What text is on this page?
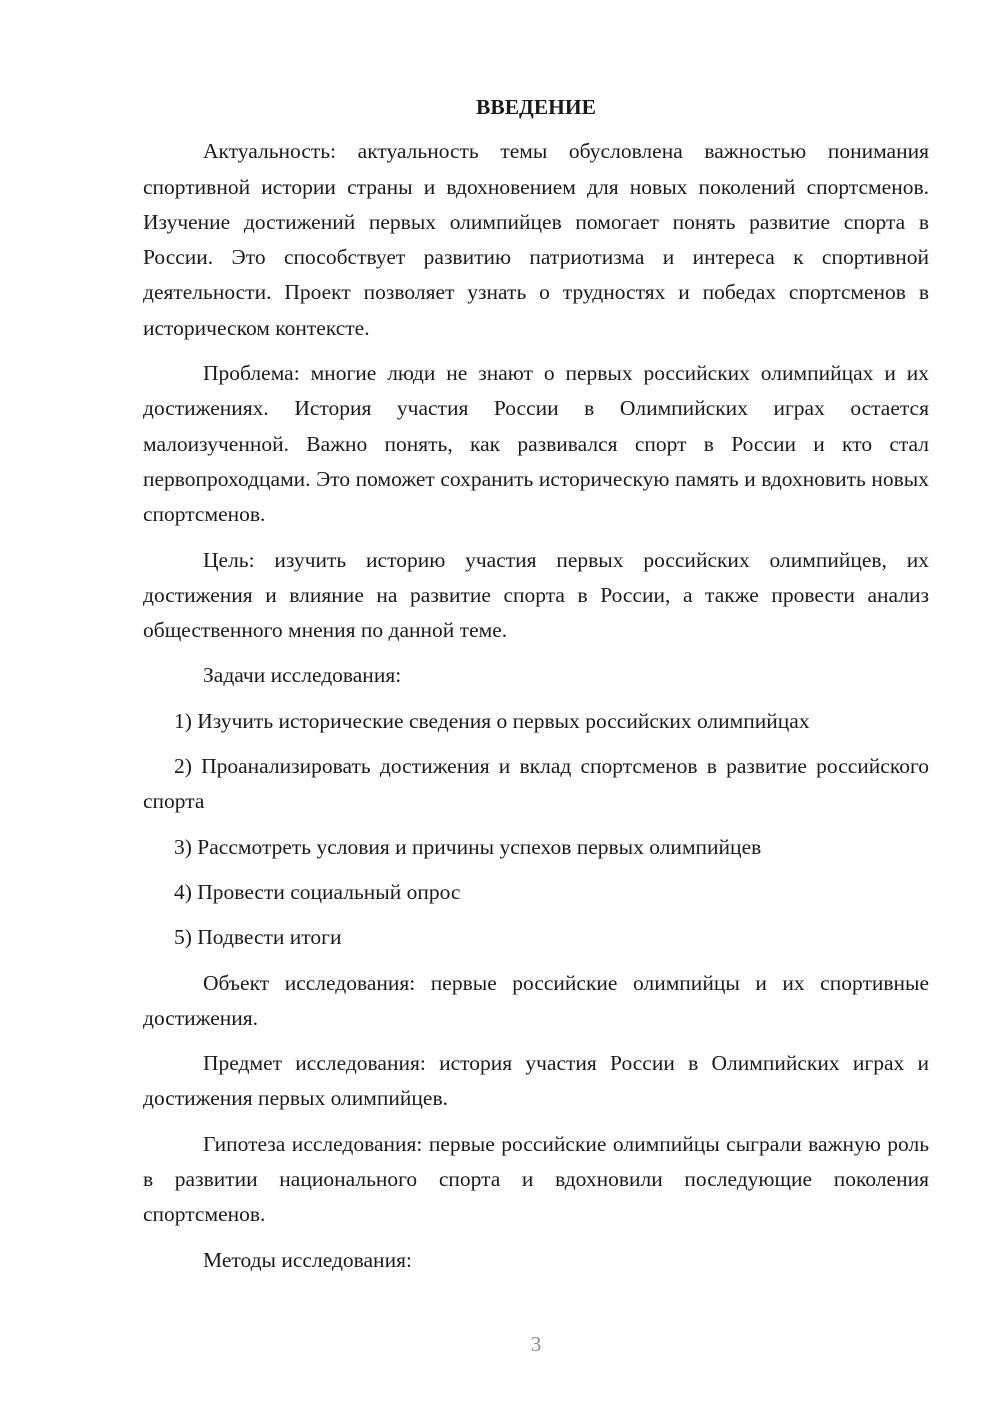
ВВЕДЕНИЕ

Актуальность: актуальность темы обусловлена важностью понимания спортивной истории страны и вдохновением для новых поколений спортсменов. Изучение достижений первых олимпийцев помогает понять развитие спорта в России. Это способствует развитию патриотизма и интереса к спортивной деятельности. Проект позволяет узнать о трудностях и победах спортсменов в историческом контексте.

Проблема: многие люди не знают о первых российских олимпийцах и их достижениях. История участия России в Олимпийских играх остается малоизученной. Важно понять, как развивался спорт в России и кто стал первопроходцами. Это поможет сохранить историческую память и вдохновить новых спортсменов.

Цель: изучить историю участия первых российских олимпийцев, их достижения и влияние на развитие спорта в России, а также провести анализ общественного мнения по данной теме.

Задачи исследования:

1) Изучить исторические сведения о первых российских олимпийцах

2) Проанализировать достижения и вклад спортсменов в развитие российского спорта

3) Рассмотреть условия и причины успехов первых олимпийцев

4) Провести социальный опрос

5) Подвести итоги

Объект исследования: первые российские олимпийцы и их спортивные достижения.

Предмет исследования: история участия России в Олимпийских играх и достижения первых олимпийцев.

Гипотеза исследования: первые российские олимпийцы сыграли важную роль в развитии национального спорта и вдохновили последующие поколения спортсменов.

Методы исследования:

3
